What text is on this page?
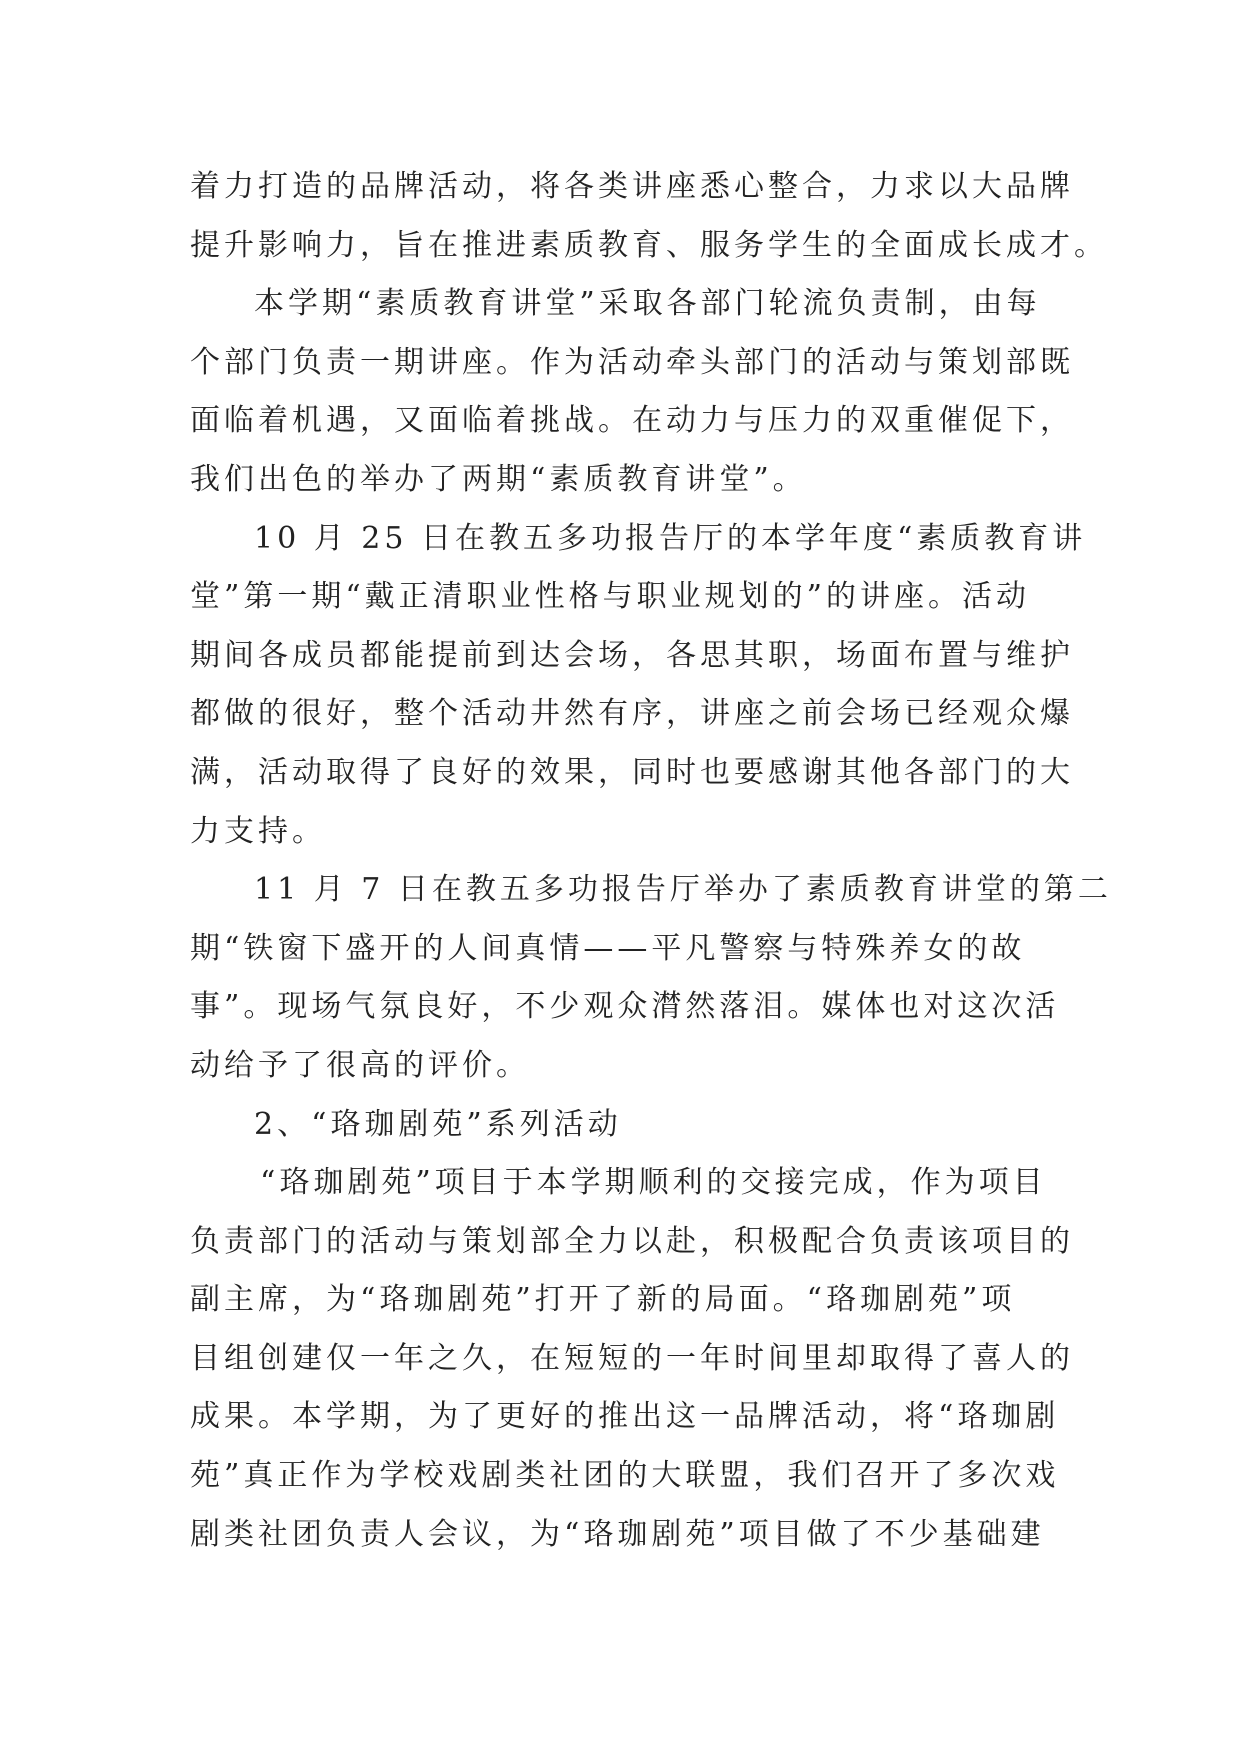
着力打造的品牌活动，将各类讲座悉心整合，力求以大品牌

提升影响力，旨在推进素质教育、服务学生的全面成长成才。

本学期“素质教育讲堂”采取各部门轮流负责制，由每

个部门负责一期讲座。作为活动牵头部门的活动与策划部既

面临着机遇，又面临着挑战。在动力与压力的双重催促下，

我们出色的举办了两期“素质教育讲堂”。

10 月 25 日在教五多功报告厅的本学年度“素质教育讲

堂”第一期“戴正清职业性格与职业规划的”的讲座。活动

期间各成员都能提前到达会场，各思其职，场面布置与维护

都做的很好，整个活动井然有序，讲座之前会场已经观众爆

满，活动取得了良好的效果，同时也要感谢其他各部门的大

力支持。

11 月 7 日在教五多功报告厅举办了素质教育讲堂的第二

期“铁窗下盛开的人间真情——平凡警察与特殊养女的故

事”。现场气氛良好，不少观众潸然落泪。媒体也对这次活

动给予了很高的评价。

2、“珞珈剧苑”系列活动

“珞珈剧苑”项目于本学期顺利的交接完成，作为项目

负责部门的活动与策划部全力以赴，积极配合负责该项目的

副主席，为“珞珈剧苑”打开了新的局面。“珞珈剧苑”项

目组创建仅一年之久，在短短的一年时间里却取得了喜人的

成果。本学期，为了更好的推出这一品牌活动，将“珞珈剧

苑”真正作为学校戏剧类社团的大联盟，我们召开了多次戏

剧类社团负责人会议，为“珞珈剧苑”项目做了不少基础建
